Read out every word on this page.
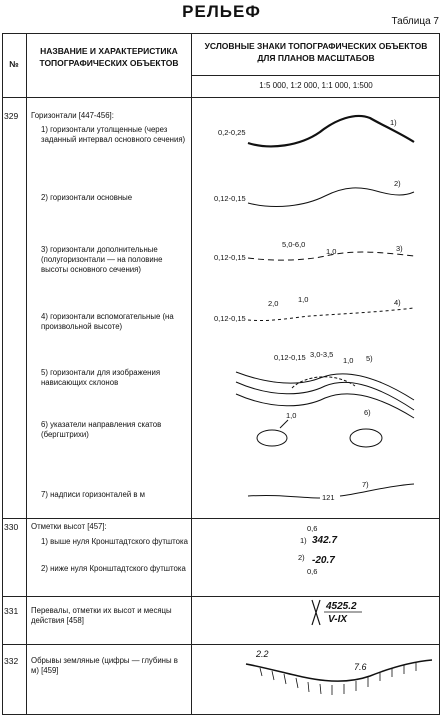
РЕЛЬЕФ
Таблица 7
№
НАЗВАНИЕ И ХАРАКТЕРИСТИКА ТОПОГРАФИЧЕСКИХ ОБЪЕКТОВ
УСЛОВНЫЕ ЗНАКИ ТОПОГРАФИЧЕСКИХ ОБЪЕКТОВ ДЛЯ ПЛАНОВ МАСШТАБОВ
1:5 000, 1:2 000, 1:1 000, 1:500
329	Горизонтали [447-456]:
1) горизонтали утолщенные (через заданный интервал основного сечения)
2) горизонтали основные
3) горизонтали дополнительные (полугоризонтали — на половине высоты основного сечения)
4) горизонтали вспомогательные (на произвольной высоте)
5) горизонтали для изображения нависающих склонов
6) указатели направления скатов (бергштрихи)
7) надписи горизонталей в м
330	Отметки высот [457]:
1) выше нуля Кронштадтского футштока
2) ниже нуля Кронштадтского футштока
331	Перевалы, отметки их высот и месяцы действия [458]
332	Обрывы земляные (цифры — глубины в м) [459]
1)
0,2-0,25
2)
0,12-0,15
3)
5,0-6,0
1,0
0,12-0,15
4)
2,0	1,0
0,12-0,15
5)
0,12-0,15 3,0-3,5
1,0
6)
1,0
7)
121
1)
0,6
342.7
2) -20.7
0,6
4525.2
V-IX
2.2
7.6
